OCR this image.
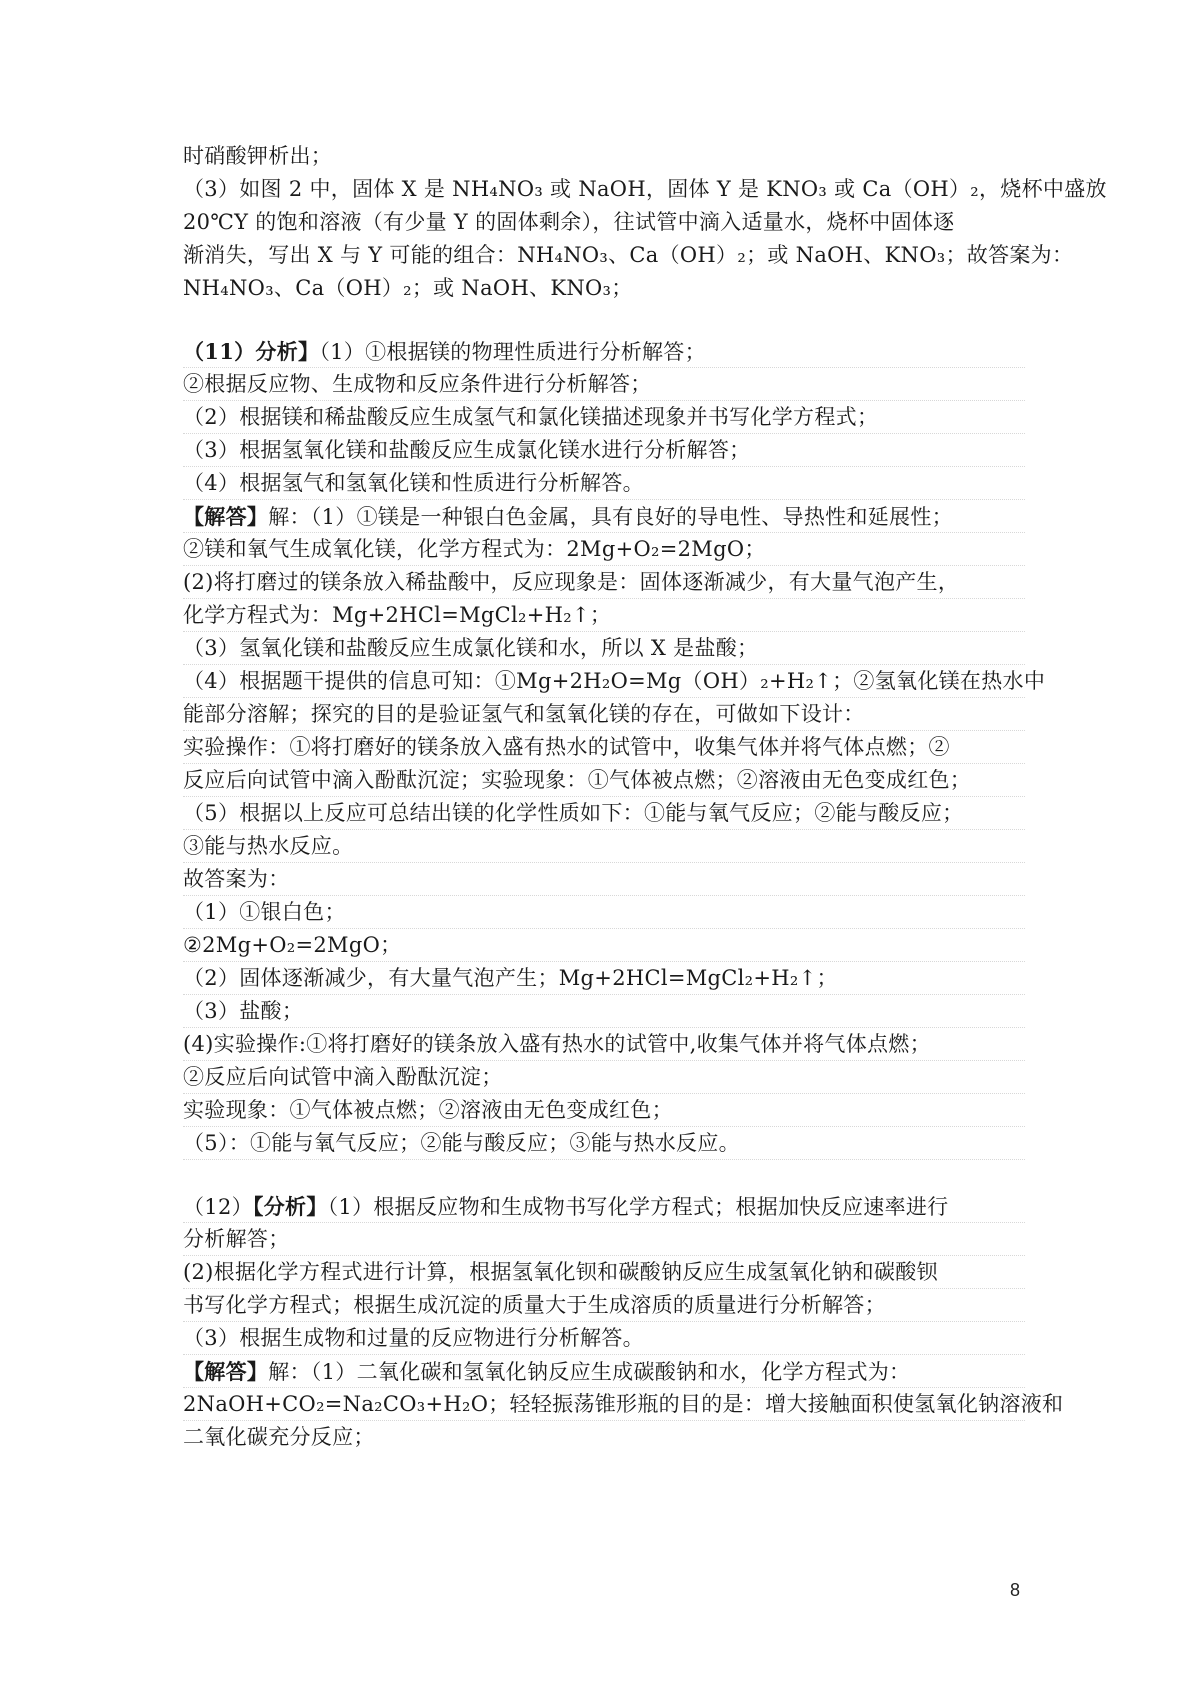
时硝酸钾析出；
（3）如图 2 中，固体 X 是 NH₄NO₃ 或 NaOH，固体 Y 是 KNO₃ 或 Ca（OH）₂，烧杯中盛放
20℃Y 的饱和溶液（有少量 Y 的固体剩余），往试管中滴入适量水，烧杯中固体逐
渐消失，写出 X 与 Y 可能的组合：NH₄NO₃、Ca（OH）₂；或 NaOH、KNO₃；故答案为：
NH₄NO₃、Ca（OH）₂；或 NaOH、KNO₃；
（11）分析】（1）①根据镁的物理性质进行分析解答；
②根据反应物、生成物和反应条件进行分析解答；
（2）根据镁和稀盐酸反应生成氢气和氯化镁描述现象并书写化学方程式；
（3）根据氢氧化镁和盐酸反应生成氯化镁水进行分析解答；
（4）根据氢气和氢氧化镁和性质进行分析解答。
【解答】解：（1）①镁是一种银白色金属，具有良好的导电性、导热性和延展性；
②镁和氧气生成氧化镁，化学方程式为：2Mg+O₂=2MgO；
(2)将打磨过的镁条放入稀盐酸中，反应现象是：固体逐渐减少，有大量气泡产生，
化学方程式为：Mg+2HCl=MgCl₂+H₂↑；
（3）氢氧化镁和盐酸反应生成氯化镁和水，所以 X 是盐酸；
（4）根据题干提供的信息可知：①Mg+2H₂O=Mg（OH）₂+H₂↑；②氢氧化镁在热水中
能部分溶解；探究的目的是验证氢气和氢氧化镁的存在，可做如下设计：
实验操作：①将打磨好的镁条放入盛有热水的试管中，收集气体并将气体点燃；②
反应后向试管中滴入酚酞沉淀；实验现象：①气体被点燃；②溶液由无色变成红色；
（5）根据以上反应可总结出镁的化学性质如下：①能与氧气反应；②能与酸反应；
③能与热水反应。
故答案为：
（1）①银白色；
②2Mg+O₂=2MgO；
（2）固体逐渐减少，有大量气泡产生；Mg+2HCl=MgCl₂+H₂↑；
（3）盐酸；
(4)实验操作:①将打磨好的镁条放入盛有热水的试管中,收集气体并将气体点燃；
②反应后向试管中滴入酚酞沉淀；
实验现象：①气体被点燃；②溶液由无色变成红色；
（5）：①能与氧气反应；②能与酸反应；③能与热水反应。
（12）【分析】（1）根据反应物和生成物书写化学方程式；根据加快反应速率进行
分析解答；
(2)根据化学方程式进行计算，根据氢氧化钡和碳酸钠反应生成氢氧化钠和碳酸钡
书写化学方程式；根据生成沉淀的质量大于生成溶质的质量进行分析解答；
（3）根据生成物和过量的反应物进行分析解答。
【解答】解：（1）二氧化碳和氢氧化钠反应生成碳酸钠和水，化学方程式为：
2NaOH+CO₂=Na₂CO₃+H₂O；轻轻振荡锥形瓶的目的是：增大接触面积使氢氧化钠溶液和
二氧化碳充分反应；
8
